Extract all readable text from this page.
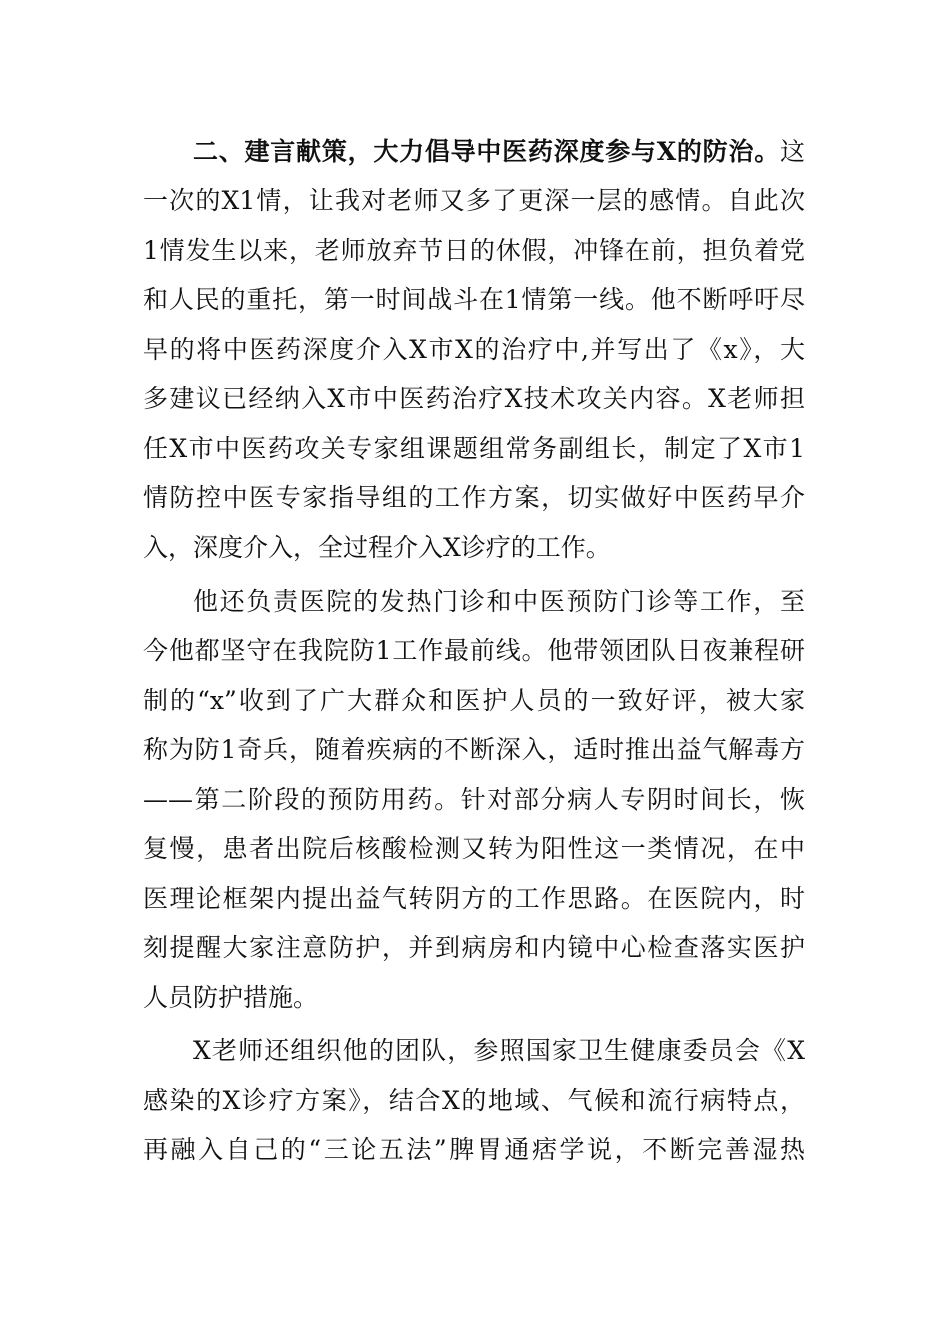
二、建言献策，大力倡导中医药深度参与X的防治。这
一次的X1情，让我对老师又多了更深一层的感情。自此次
1情发生以来，老师放弃节日的休假，冲锋在前，担负着党
和人民的重托，第一时间战斗在1情第一线。他不断呼吁尽
早的将中医药深度介入X市X的治疗中,并写出了《x》，大
多建议已经纳入X市中医药治疗X技术攻关内容。X老师担
任X市中医药攻关专家组课题组常务副组长，制定了X市1
情防控中医专家指导组的工作方案，切实做好中医药早介
入，深度介入，全过程介入X诊疗的工作。
他还负责医院的发热门诊和中医预防门诊等工作，至
今他都坚守在我院防1工作最前线。他带领团队日夜兼程研
制的“x”收到了广大群众和医护人员的一致好评，被大家
称为防1奇兵，随着疾病的不断深入，适时推出益气解毒方
——第二阶段的预防用药。针对部分病人专阴时间长，恢
复慢，患者出院后核酸检测又转为阳性这一类情况，在中
医理论框架内提出益气转阴方的工作思路。在医院内，时
刻提醒大家注意防护，并到病房和内镜中心检查落实医护
人员防护措施。
X老师还组织他的团队，参照国家卫生健康委员会《X
感染的X诊疗方案》，结合X的地域、气候和流行病特点，
再融入自己的“三论五法”脾胃通痞学说，不断完善湿热
